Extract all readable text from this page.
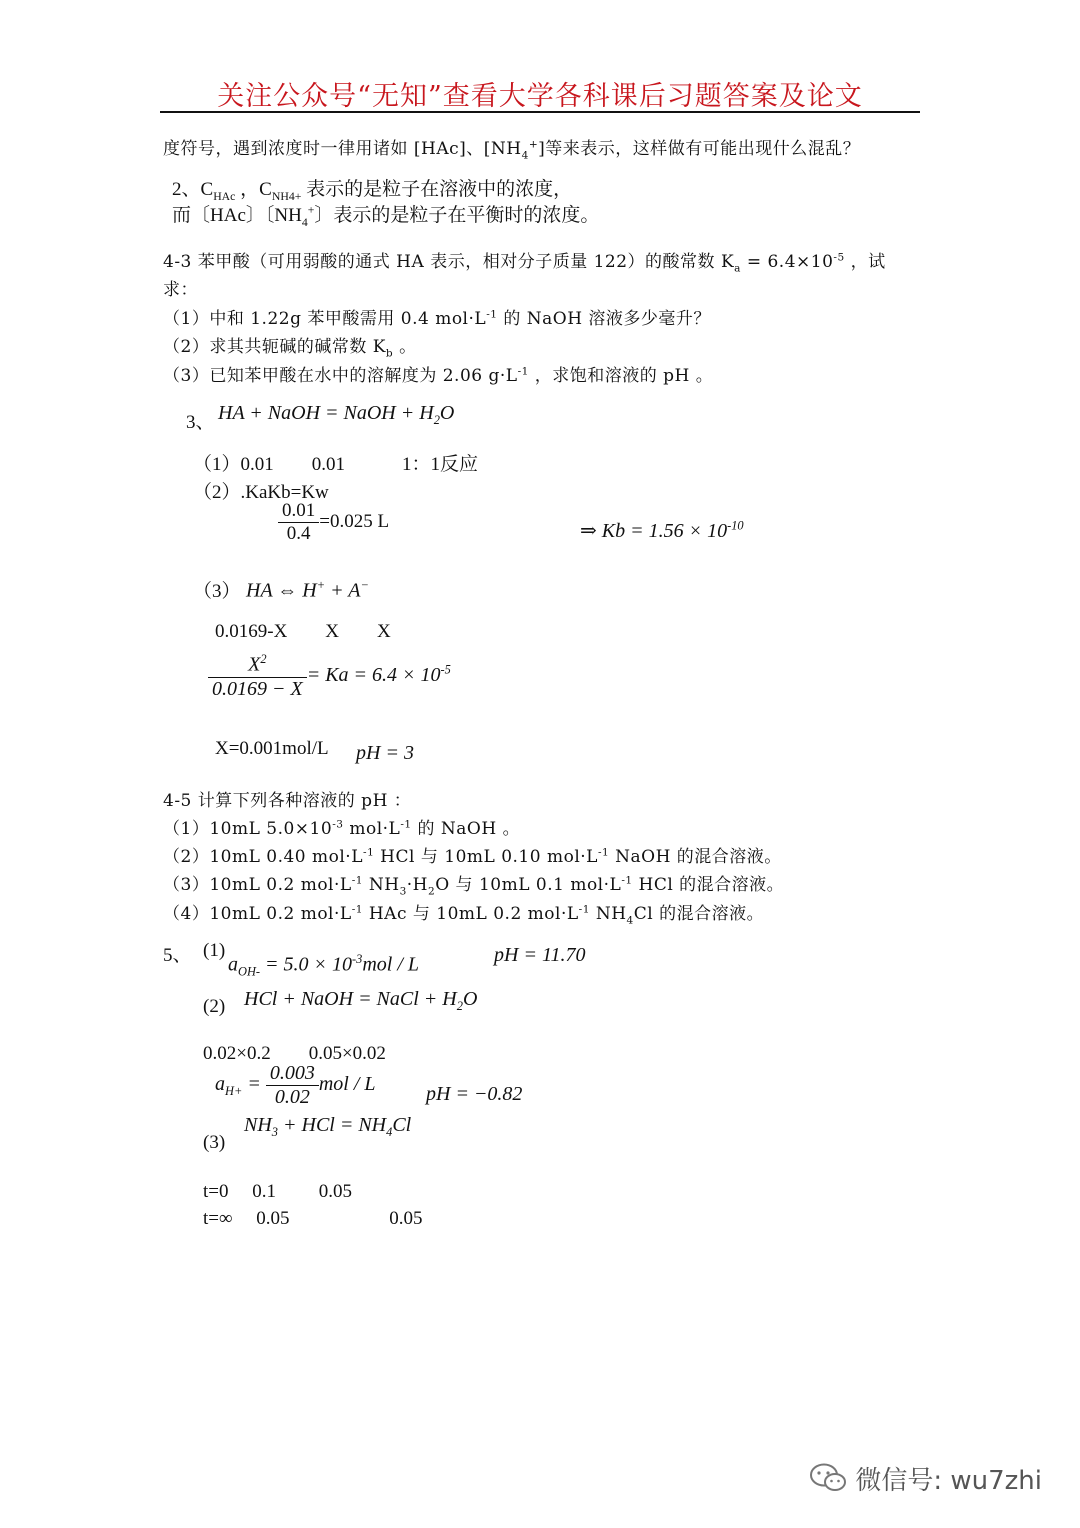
关注公众号“无知”查看大学各科课后习题答案及论文
度符号，遇到浓度时一律用诸如 [HAc]、$[NH_4^+]$等来表示，这样做有可能出现什么混乱？
2、$C_{HAc}$ ，$C_{NH4+}$ 表示的是粒子在溶液中的浓度，
而〔HAc〕〔$NH_4^+$〕表示的是粒子在平衡时的浓度。
4-3 苯甲酸（可用弱酸的通式 HA 表示，相对分子质量 122）的酸常数 $K_a = 6.4\times 10^{-5}$ ，试
求：
（1）中和 1.22g 苯甲酸需用 0.4 $mol\cdot L^{-1}$ 的 NaOH 溶液多少毫升？
（2）求其共轭碱的碱常数 $K_b$ 。
（3）已知苯甲酸在水中的溶解度为 2.06 $g\cdot L^{-1}$ ，求饱和溶液的 pH 。
3、 HA + NaOH = NaOH + $H_2O$
（1）0.01　　0.01　　　1：1反应
（2）.KaKb=Kw
$\frac{0.01}{0.4} =0.025$ L	⇒ $Kb = 1.56 \times 10^{-10}$
（3） HA ⇔ H+ + A−
0.0169-X　　X　　X
$\frac{X^2}{0.0169 - X} = Ka = 6.4 \times 10^{-5}$
X=0.001mol/L pH = 3
4-5 计算下列各种溶液的 pH ：
（1）10mL $5.0\times 10^{-3}$ $mol\cdot L^{-1}$ 的 NaOH 。
（2）10mL 0.40 $mol\cdot L^{-1}$ HCl 与 10mL 0.10 $mol\cdot L^{-1}$ NaOH 的混合溶液。
（3）10mL 0.2 $mol\cdot L^{-1}$ $NH_3\cdot H_2O$ 与 10mL 0.1 $mol\cdot L^{-1}$ HCl 的混合溶液。
（4）10mL 0.2 $mol\cdot L^{-1}$ HAc 与 10mL 0.2 $mol\cdot L^{-1}$ $NH_4Cl$ 的混合溶液。
5、 (1)
$a_{OH-} = 5.0 \times 10^{-3}mol / L$	pH = 11.70
(2) HCl + NaOH = NaCl + $H_2O$
0.02×0.2　　0.05×0.02
$a_{H+} = \frac{0.003}{0.02}$ mol / L	pH = −0.82
$NH_3$ + HCl = $NH_4Cl$
(3)
t=0　 0.1　　 0.05
t=∞　 0.05　　　　　 0.05
微信号: wu7zhi
